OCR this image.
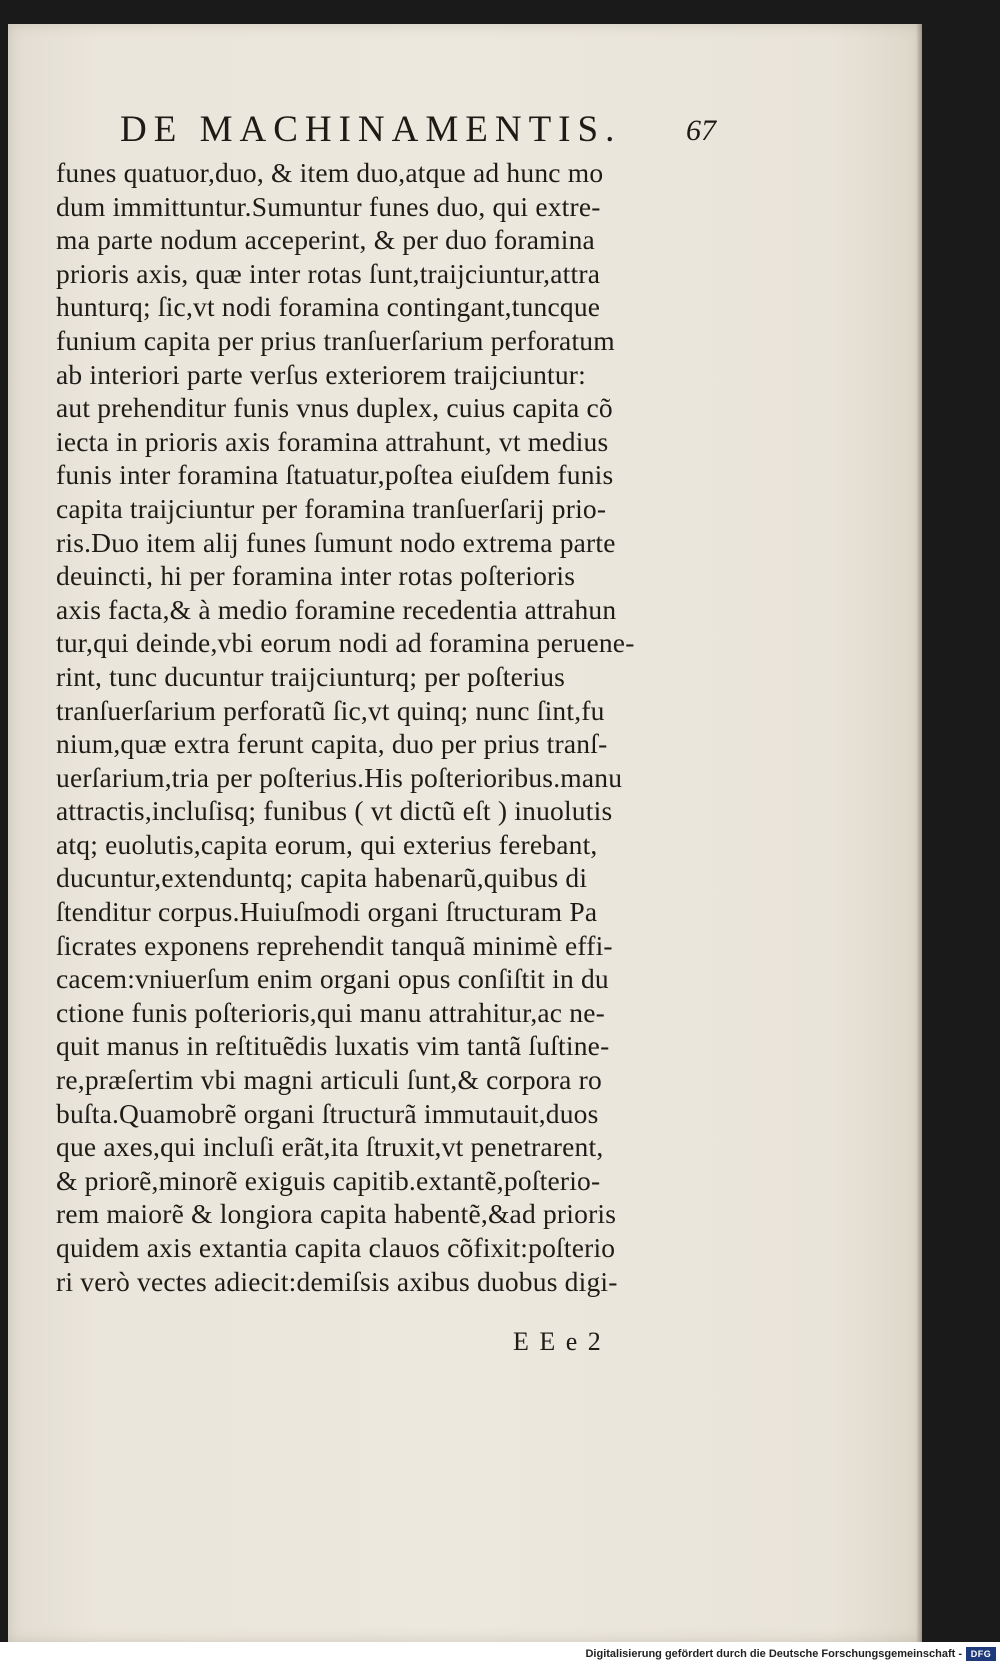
DE MACHINAMENTIS. 67
funes quatuor,duo, & item duo,atque ad hunc mo
dum immittuntur.Sumuntur funes duo, qui extre-
ma parte nodum acceperint, & per duo foramina
prioris axis, quæ inter rotas ſunt,traijciuntur,attra
hunturq; ſic,vt nodi foramina contingant,tuncque
funium capita per prius tranſuerſarium perforatum
ab interiori parte verſus exteriorem traijciuntur:
aut prehenditur funis vnus duplex, cuius capita cõ
iecta in prioris axis foramina attrahunt, vt medius
funis inter foramina ſtatuatur,poſtea eiuſdem funis
capita traijciuntur per foramina tranſuerſarij prio-
ris.Duo item alij funes ſumunt nodo extrema parte
deuincti, hi per foramina inter rotas poſterioris
axis facta,& à medio foramine recedentia attrahun
tur,qui deinde,vbi eorum nodi ad foramina peruene-
rint, tunc ducuntur traijciunturq; per poſterius
tranſuerſarium perforatũ ſic,vt quinq; nunc ſint,fu
nium,quæ extra ferunt capita, duo per prius tranſ-
uerſarium,tria per poſterius.His poſterioribus.manu
attractis,incluſisq; funibus ( vt dictũ eſt ) inuolutis
atq; euolutis,capita eorum, qui exterius ferebant,
ducuntur,extenduntq; capita habenarũ,quibus di
ſtenditur corpus.Huiuſmodi organi ſtructuram Pa
ſicrates exponens reprehendit tanquã minimè effi-
cacem:vniuerſum enim organi opus conſiſtit in du
ctione funis poſterioris,qui manu attrahitur,ac ne-
quit manus in reſtituẽdis luxatis vim tantã ſuſtine-
re,præſertim vbi magni articuli ſunt,& corpora ro
buſta.Quamobrẽ organi ſtructurã immutauit,duos
que axes,qui incluſi erãt,ita ſtruxit,vt penetrarent,
& priorẽ,minorẽ exiguis capitib.extantẽ,poſterio-
rem maiorẽ & longiora capita habentẽ,&ad prioris
quidem axis extantia capita clauos cõfixit:poſterio
ri verò vectes adiecit:demiſsis axibus duobus digi-
E E e 2
Digitalisierung gefördert durch die Deutsche Forschungsgemeinschaft - DFG
